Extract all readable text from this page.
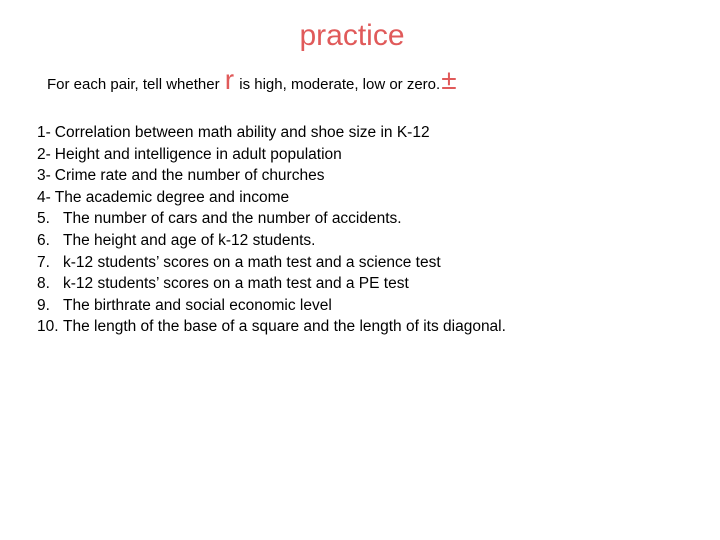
practice
For each pair, tell whether r is high, moderate, low or zero.±
1- Correlation between math ability and shoe size in K-12
2- Height and intelligence in adult population
3- Crime rate and the number of churches
4- The academic degree and income
5. The number of cars and the number of accidents.
6. The height and age of k-12 students.
7. k-12 students’ scores on a math test and a science test
8. k-12 students’ scores on a math test and a PE test
9. The birthrate and social economic level
10. The length of the base of a square and the length of its diagonal.
